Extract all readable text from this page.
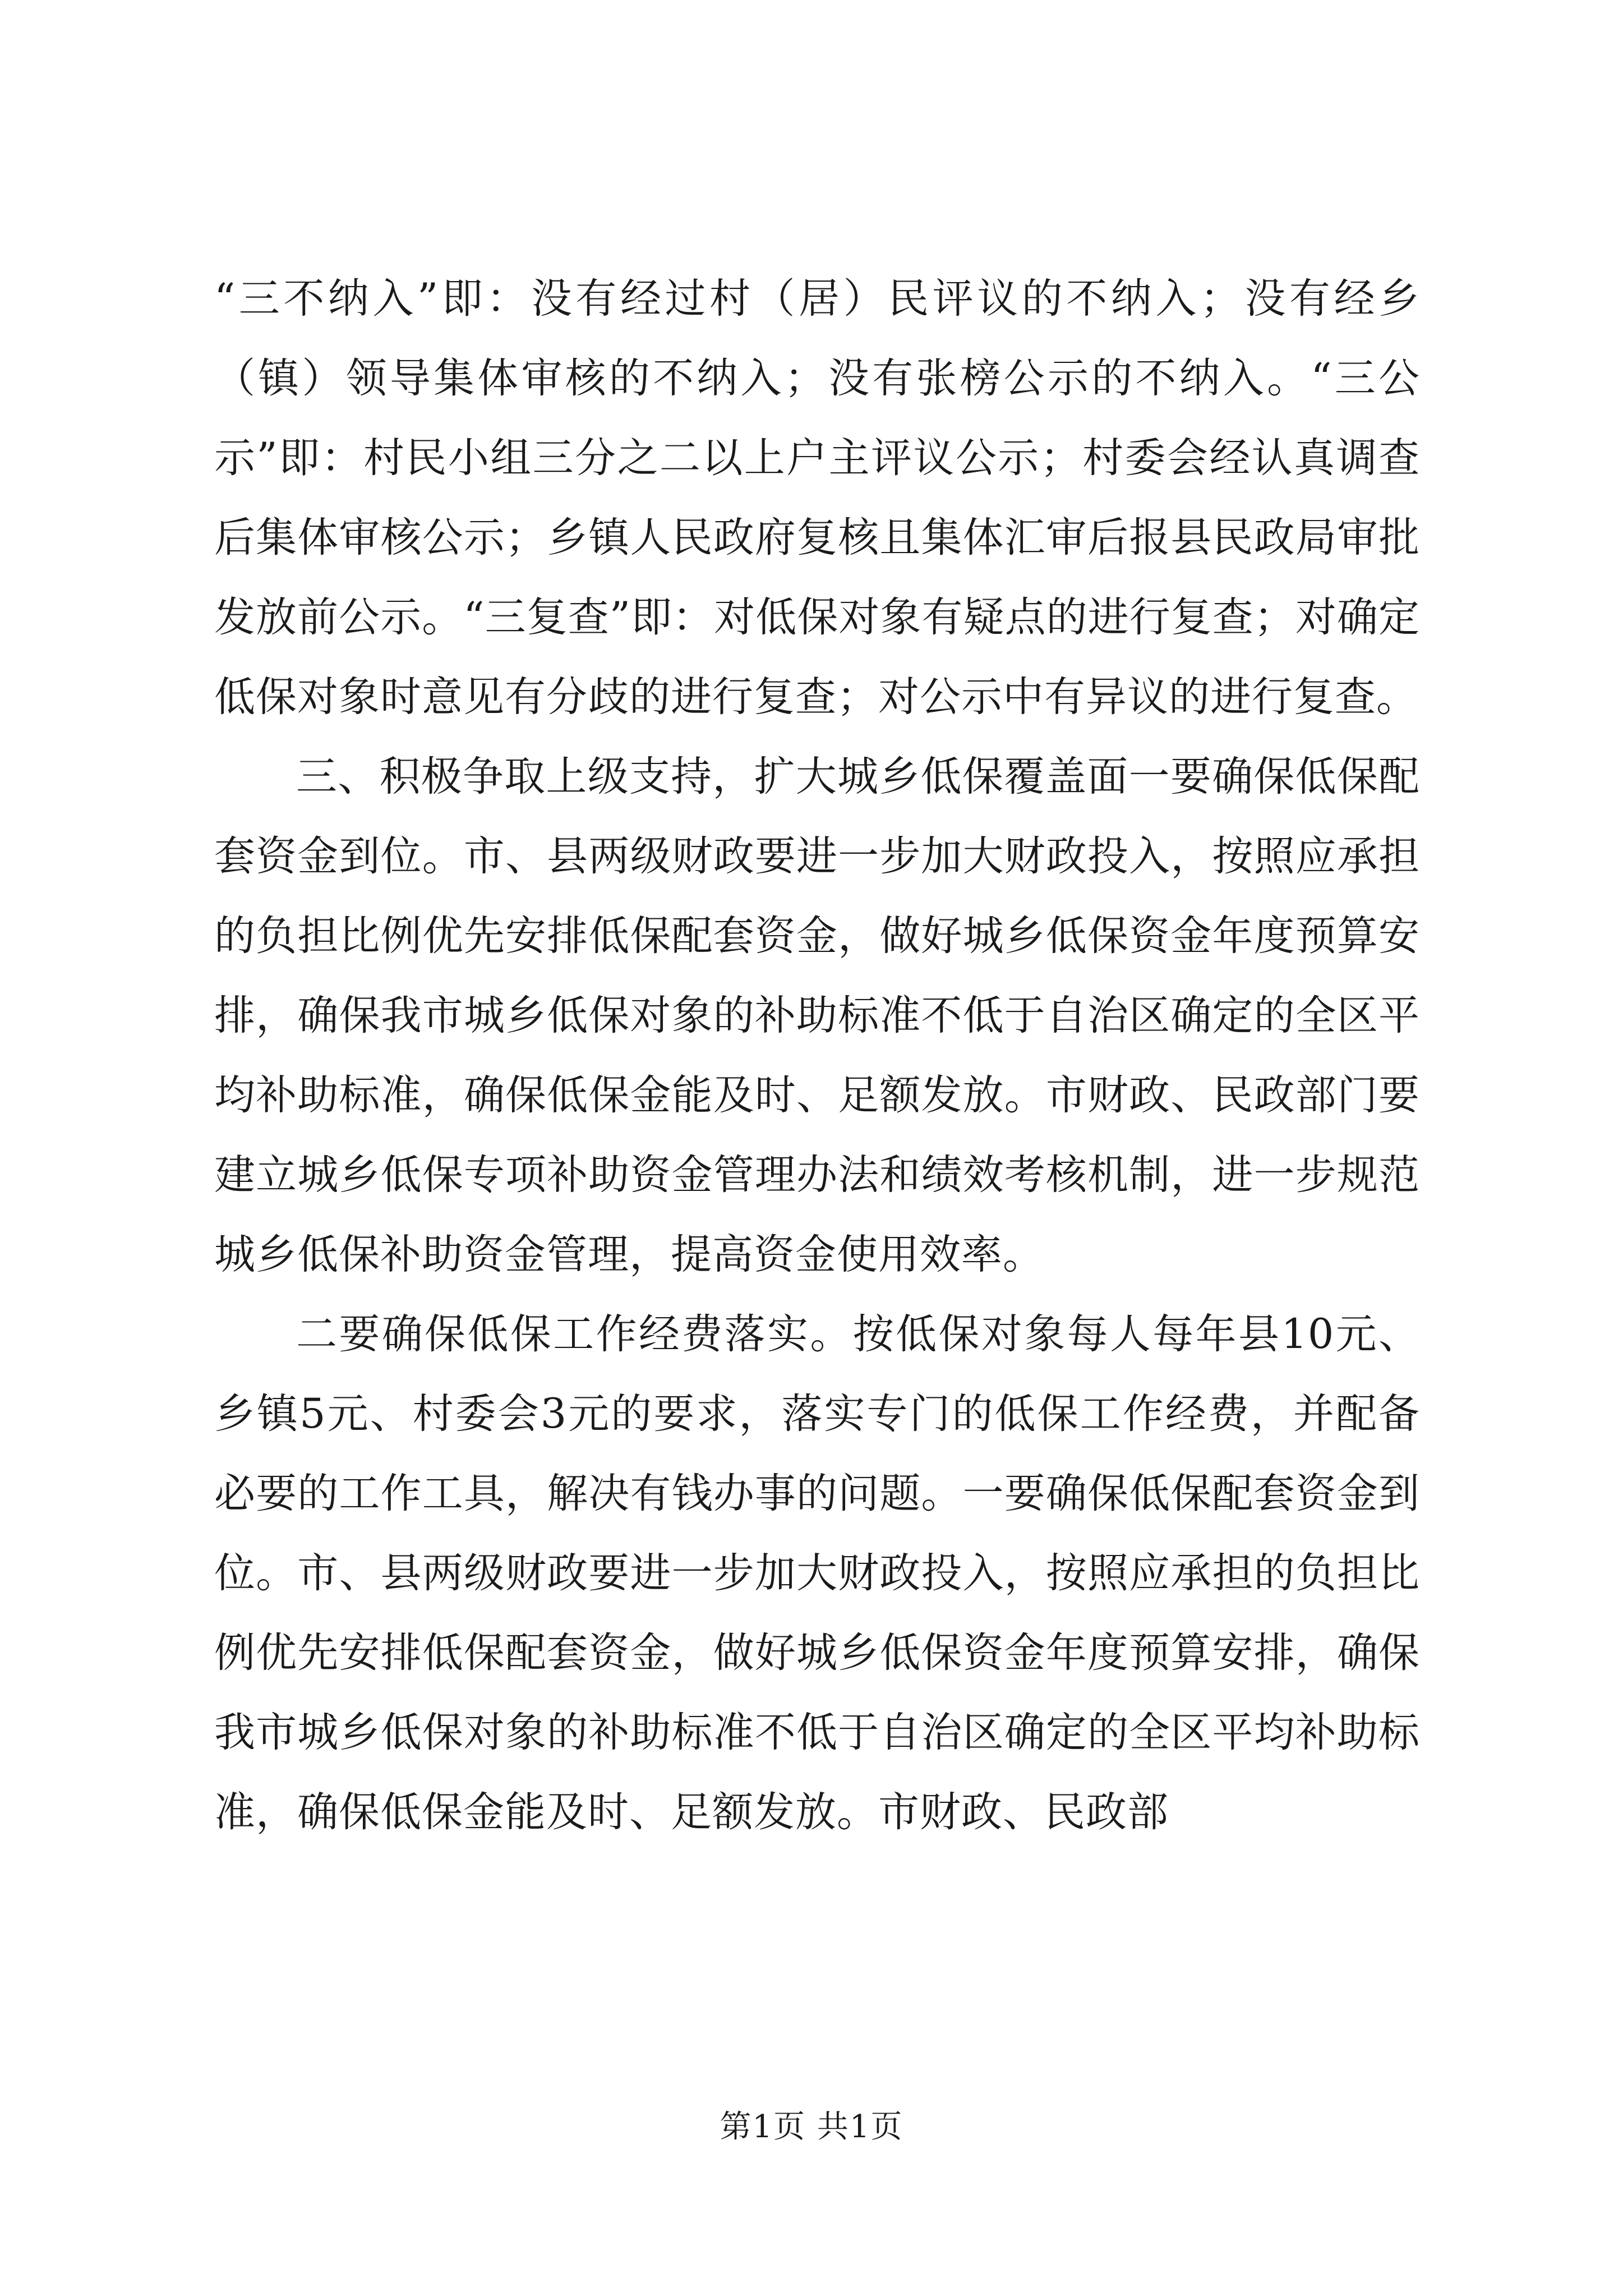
“三不纳入”即：没有经过村（居）民评议的不纳入；没有经乡（镇）领导集体审核的不纳入；没有张榜公示的不纳入。“三公示”即：村民小组三分之二以上户主评议公示；村委会经认真调查后集体审核公示；乡镇人民政府复核且集体汇审后报县民政局审批发放前公示。“三复查”即：对低保对象有疑点的进行复查；对确定低保对象时意见有分歧的进行复查；对公示中有异议的进行复查。

三、积极争取上级支持，扩大城乡低保覆盖面一要确保低保配套资金到位。市、县两级财政要进一步加大财政投入，按照应承担的负担比例优先安排低保配套资金，做好城乡低保资金年度预算安排，确保我市城乡低保对象的补助标准不低于自治区确定的全区平均补助标准，确保低保金能及时、足额发放。市财政、民政部门要建立城乡低保专项补助资金管理办法和绩效考核机制，进一步规范城乡低保补助资金管理，提高资金使用效率。

二要确保低保工作经费落实。按低保对象每人每年县10元、乡镇5元、村委会3元的要求，落实专门的低保工作经费，并配备必要的工作工具，解决有钱办事的问题。一要确保低保配套资金到位。市、县两级财政要进一步加大财政投入，按照应承担的负担比例优先安排低保配套资金，做好城乡低保资金年度预算安排，确保我市城乡低保对象的补助标准不低于自治区确定的全区平均补助标准，确保低保金能及时、足额发放。市财政、民政部

第1页 共1页
